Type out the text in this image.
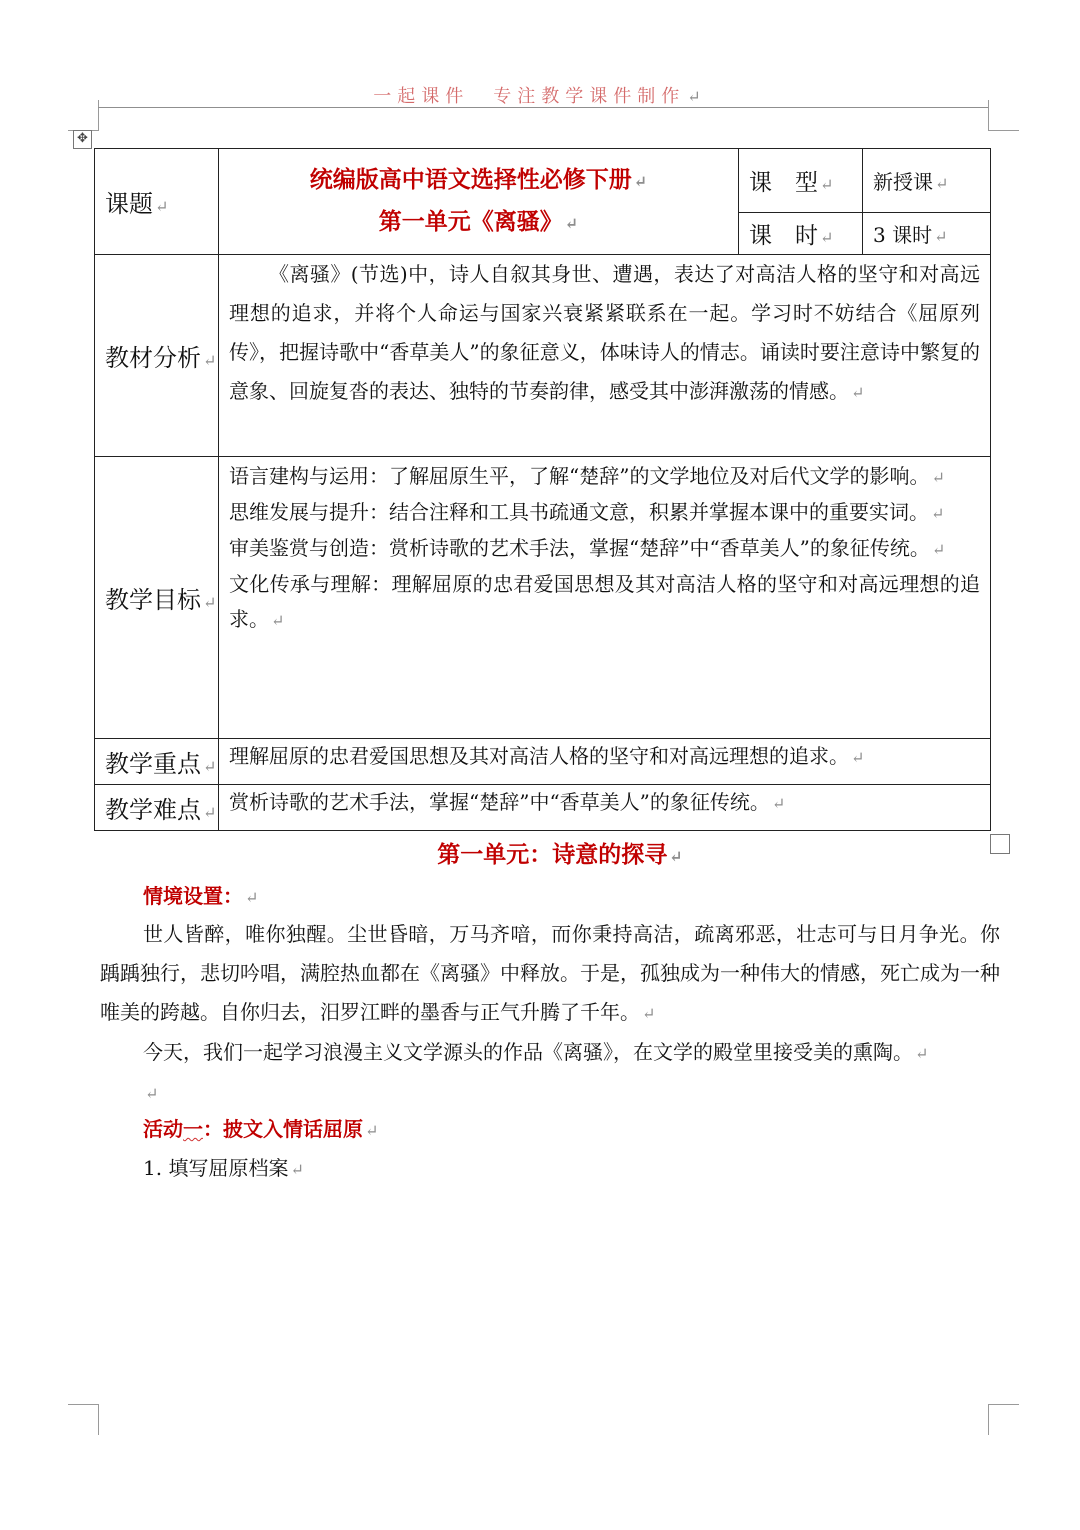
一起课件　专注教学课件制作 ↵
✥
课题 ↵	统编版高中语文选择性必修下册 ↵
第一单元《离骚》 ↵	课　型 ↵	新授课 ↵
		课　时 ↵	3 课时 ↵
教材分析 ↵	《离骚》(节选)中，诗人自叙其身世、遭遇，表达了对高洁人格的坚守和对高远理想的追求，并将个人命运与国家兴衰紧紧联系在一起。学习时不妨结合《屈原列传》，把握诗歌中“香草美人”的象征意义，体味诗人的情志。诵读时要注意诗中繁复的意象、回旋复沓的表达、独特的节奏韵律，感受其中澎湃激荡的情感。 ↵		

教学目标 ↵	语言建构与运用：了解屈原生平，了解“楚辞”的文学地位及对后代文学的影响。 ↵

思维发展与提升：结合注释和工具书疏通文意，积累并掌握本课中的重要实词。 ↵

审美鉴赏与创造：赏析诗歌的艺术手法，掌握“楚辞”中“香草美人”的象征传统。 ↵

文化传承与理解：理解屈原的忠君爱国思想及其对高洁人格的坚守和对高远理想的追求。 ↵		

教学重点 ↵	理解屈原的忠君爱国思想及其对高洁人格的坚守和对高远理想的追求。 ↵		
教学难点 ↵	赏析诗歌的艺术手法，掌握“楚辞”中“香草美人”的象征传统。 ↵		
第一单元：诗意的探寻 ↵
情境设置： ↵
世人皆醉，唯你独醒。尘世昏暗，万马齐喑，而你秉持高洁，疏离邪恶，壮志可与日月争光。你踽踽独行，悲切吟唱，满腔热血都在《离骚》中释放。于是，孤独成为一种伟大的情感，死亡成为一种唯美的跨越。自你归去，汨罗江畔的墨香与正气升腾了千年。 ↵
今天，我们一起学习浪漫主义文学源头的作品《离骚》，在文学的殿堂里接受美的熏陶。 ↵
↵
活动一：披文入情话屈原 ↵
1. 填写屈原档案 ↵
